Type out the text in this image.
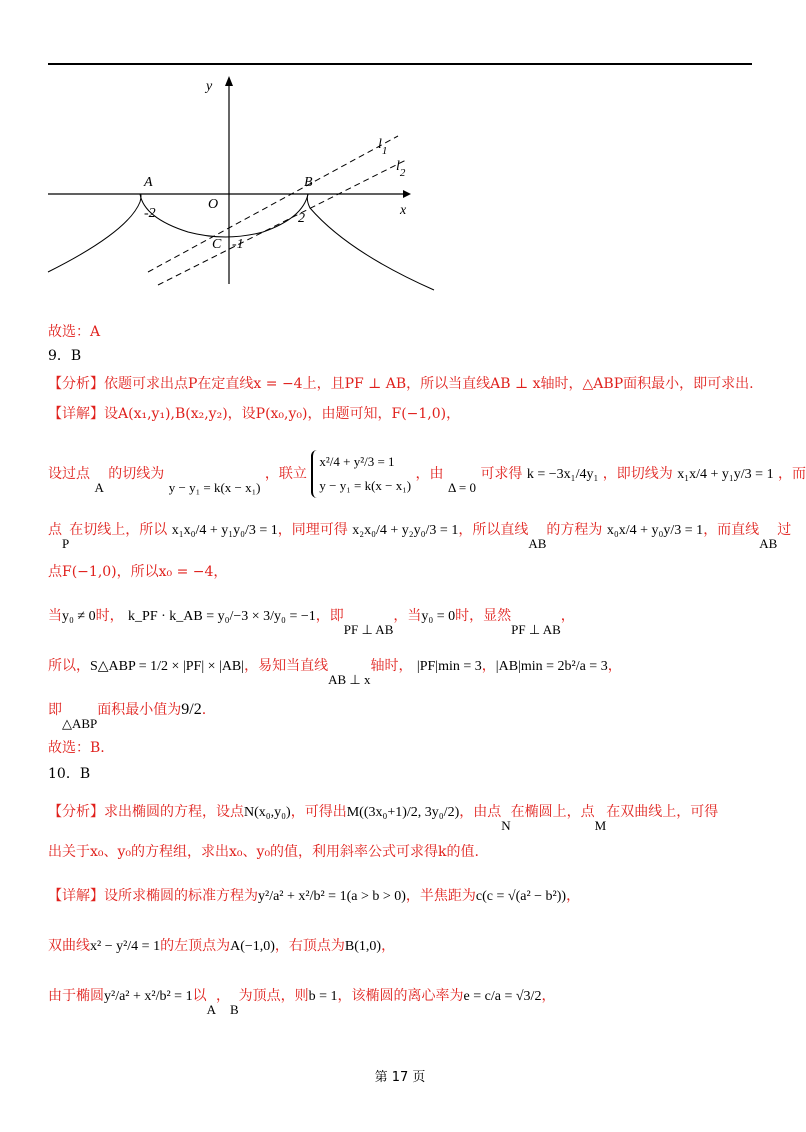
y
x
O
A	B
C
-2	2
-1
$l_1$
$l_2$
故选：A
9．B
【分析】依题可求出点P在定直线x = −4上，且PF ⊥ AB，所以当直线AB ⊥ x轴时，△ABP面积最小，即可求出.
【详解】设A(x₁,y₁),B(x₂,y₂)，设P(x₀,y₀)，由题可知，F(−1,0)，
设过点 A 的切线为 y − y₁ = k(x − x₁) ，联立
x²/4 + y²/3 = 1
y − y₁ = k(x − x₁)
，由 Δ = 0 可求得 k = −3x₁/4y₁ ，即切线为 x₁x/4 + y₁y/3 = 1 ，而
点P在切线上，所以 x₁x₀/4 + y₁y₀/3 = 1，同理可得 x₂x₀/4 + y₂y₀/3 = 1，所以直线AB的方程为 x₀x/4 + y₀y/3 = 1，而直线AB过
点F(−1,0)，所以x₀ = −4，
当y₀ ≠ 0时， k_PF · k_AB = y₀/−3 × 3/y₀ = −1，即PF ⊥ AB，当y₀ = 0时，显然PF ⊥ AB，
所以，S△ABP = 1/2 × |PF| × |AB|，易知当直线AB ⊥ x轴时， |PF|min = 3，|AB|min = 2b²/a = 3，
即△ABP面积最小值为9/2.
故选：B.
10．B
【分析】求出椭圆的方程，设点N(x₀,y₀)，可得出M((3x₀+1)/2, 3y₀/2)，由点N在椭圆上，点M在双曲线上，可得
出关于x₀、y₀的方程组，求出x₀、y₀的值，利用斜率公式可求得k的值.
【详解】设所求椭圆的标准方程为y²/a² + x²/b² = 1(a > b > 0)，半焦距为c(c = √(a² − b²))，
双曲线x² − y²/4 = 1的左顶点为A(−1,0)，右顶点为B(1,0)，
由于椭圆y²/a² + x²/b² = 1以A，B为顶点，则b = 1，该椭圆的离心率为e = c/a = √3/2，
第 17 页
